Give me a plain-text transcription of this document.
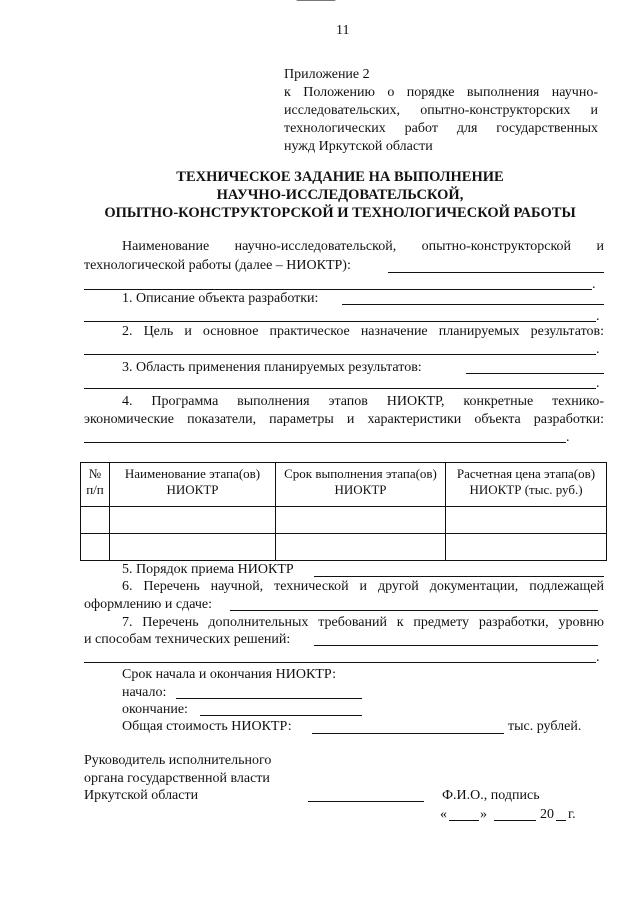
11
Приложение 2
к Положению о порядке выполнения научно-
исследовательских, опытно-конструкторских и
технологических работ для государственных
нужд Иркутской области
ТЕХНИЧЕСКОЕ ЗАДАНИЕ НА ВЫПОЛНЕНИЕ
НАУЧНО-ИССЛЕДОВАТЕЛЬСКОЙ,
ОПЫТНО-КОНСТРУКТОРСКОЙ И ТЕХНОЛОГИЧЕСКОЙ РАБОТЫ
Наименование научно-исследовательской, опытно-конструкторской и
технологической работы (далее – НИОКТР):
.
1. Описание объекта разработки:
.
2. Цель и основное практическое назначение планируемых результатов:
.
3. Область применения планируемых результатов:
.
4. Программа выполнения этапов НИОКТР, конкретные технико-
экономические показатели, параметры и характеристики объекта разработки:
.
№ п/п	Наименование этапа(ов) НИОКТР	Срок выполнения этапа(ов) НИОКТР	Расчетная цена этапа(ов) НИОКТР (тыс. руб.)

5. Порядок приема НИОКТР
6. Перечень научной, технической и другой документации, подлежащей
оформлению и сдаче:
7. Перечень дополнительных требований к предмету разработки, уровню
и способам технических решений:
.
Срок начала и окончания НИОКТР:
начало:
окончание:
Общая стоимость НИОКТР:	тыс. рублей.
Руководитель исполнительного
органа государственной власти
Иркутской области	Ф.И.О., подпись
« »	20 г.
